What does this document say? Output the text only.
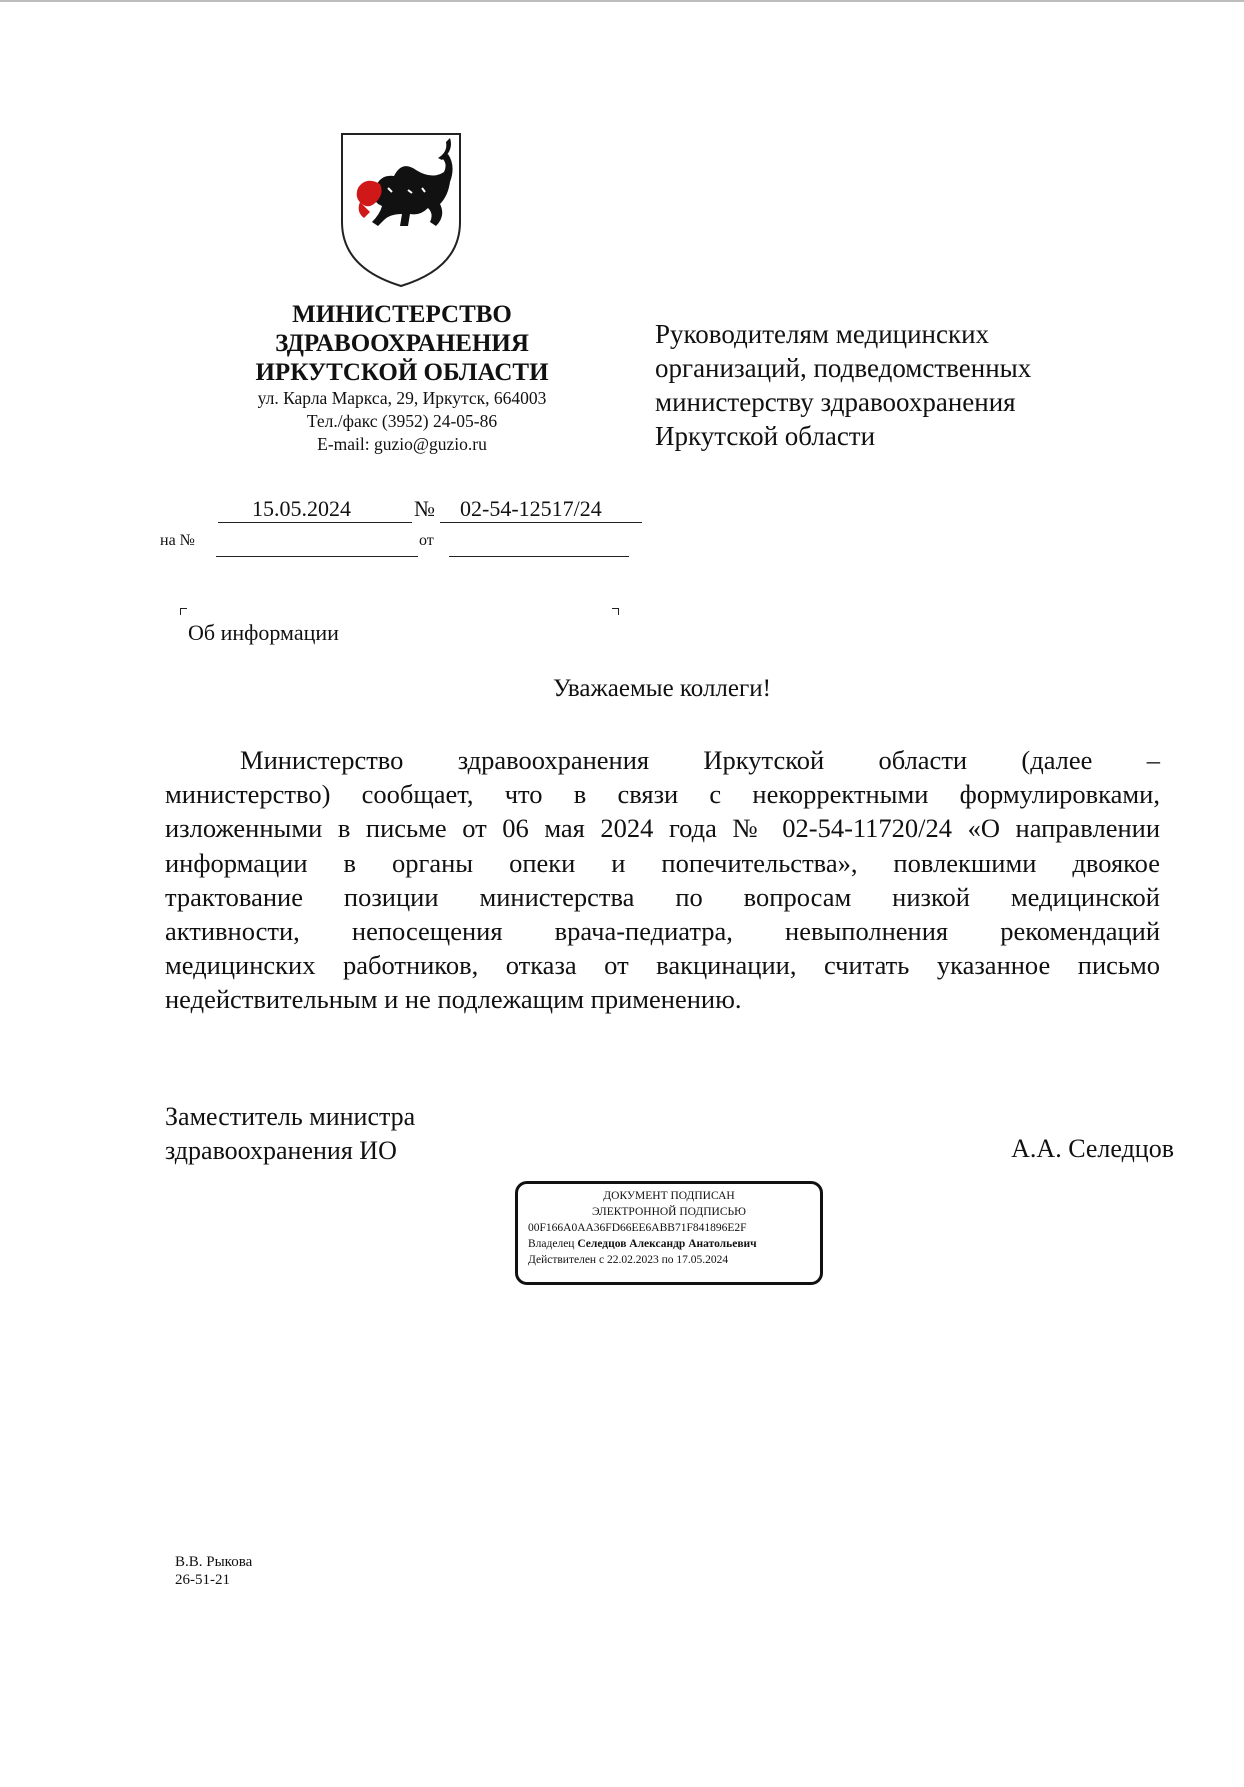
МИНИСТЕРСТВО

ЗДРАВООХРАНЕНИЯ

ИРКУТСКОЙ ОБЛАСТИ

ул. Карла Маркса, 29, Иркутск, 664003

Тел./факс (3952) 24-05-86

E-mail: guzio@guzio.ru

Руководителям медицинских
организаций, подведомственных
министерству здравоохранения
Иркутской области
15.05.2024	№ 02-54-12517/24
на №	от
Об информации
Уважаемые коллеги!
Министерство здравоохранения Иркутской области (далее –
министерство) сообщает, что в связи с некорректными формулировками,
изложенными в письме от 06 мая 2024 года № 02-54-11720/24 «О направлении
информации в органы опеки и попечительства», повлекшими двоякое
трактование позиции министерства по вопросам низкой медицинской
активности, непосещения врача-педиатра, невыполнения рекомендаций
медицинских работников, отказа от вакцинации, считать указанное письмо
недействительным и не подлежащим применению.
Заместитель министра
здравоохранения ИО	А.А. Селедцов
ДОКУМЕНТ ПОДПИСАН
ЭЛЕКТРОННОЙ ПОДПИСЬЮ
00F166A0AA36FD66EE6ABB71F841896E2F
Владелец Селедцов Александр Анатольевич
Действителен с 22.02.2023 по 17.05.2024
В.В. Рыкова
26-51-21
